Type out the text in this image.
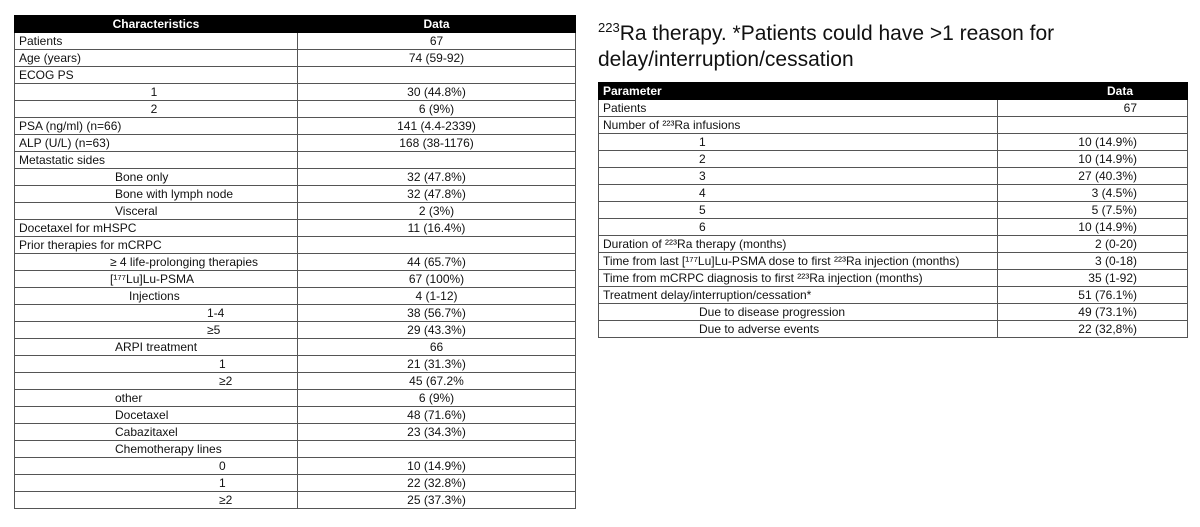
Characteristics	Data
Patients	67
Age (years)	74 (59-92)
ECOG PS	
1	30 (44.8%)
2	6 (9%)
PSA (ng/ml) (n=66)	141 (4.4-2339)
ALP (U/L) (n=63)	168 (38-1176)
Metastatic sides	
Bone only	32 (47.8%)
Bone with lymph node	32 (47.8%)
Visceral	2 (3%)
Docetaxel for mHSPC	11 (16.4%)
Prior therapies for mCRPC	
≥ 4 life-prolonging therapies	44 (65.7%)
[¹⁷⁷Lu]Lu-PSMA	67 (100%)
Injections	4 (1-12)
1-4	38 (56.7%)
≥5	29 (43.3%)
ARPI treatment	66
1	21 (31.3%)
≥2	45 (67.2%
other	6 (9%)
Docetaxel	48 (71.6%)
Cabazitaxel	23 (34.3%)
Chemotherapy lines	
0	10 (14.9%)
1	22 (32.8%)
≥2	25 (37.3%)
$^{223}$Ra therapy. *Patients could have >1 reason for delay/interruption/cessation
Parameter	Data
Patients	67
Number of ²²³Ra infusions	
1	10 (14.9%)
2	10 (14.9%)
3	27 (40.3%)
4	3 (4.5%)
5	5 (7.5%)
6	10 (14.9%)
Duration of ²²³Ra therapy (months)	2 (0-20)
Time from last [¹⁷⁷Lu]Lu-PSMA dose to first ²²³Ra injection (months)	3 (0-18)
Time from mCRPC diagnosis to first ²²³Ra injection (months)	35 (1-92)
Treatment delay/interruption/cessation*	51 (76.1%)
Due to disease progression	49 (73.1%)
Due to adverse events	22 (32,8%)
